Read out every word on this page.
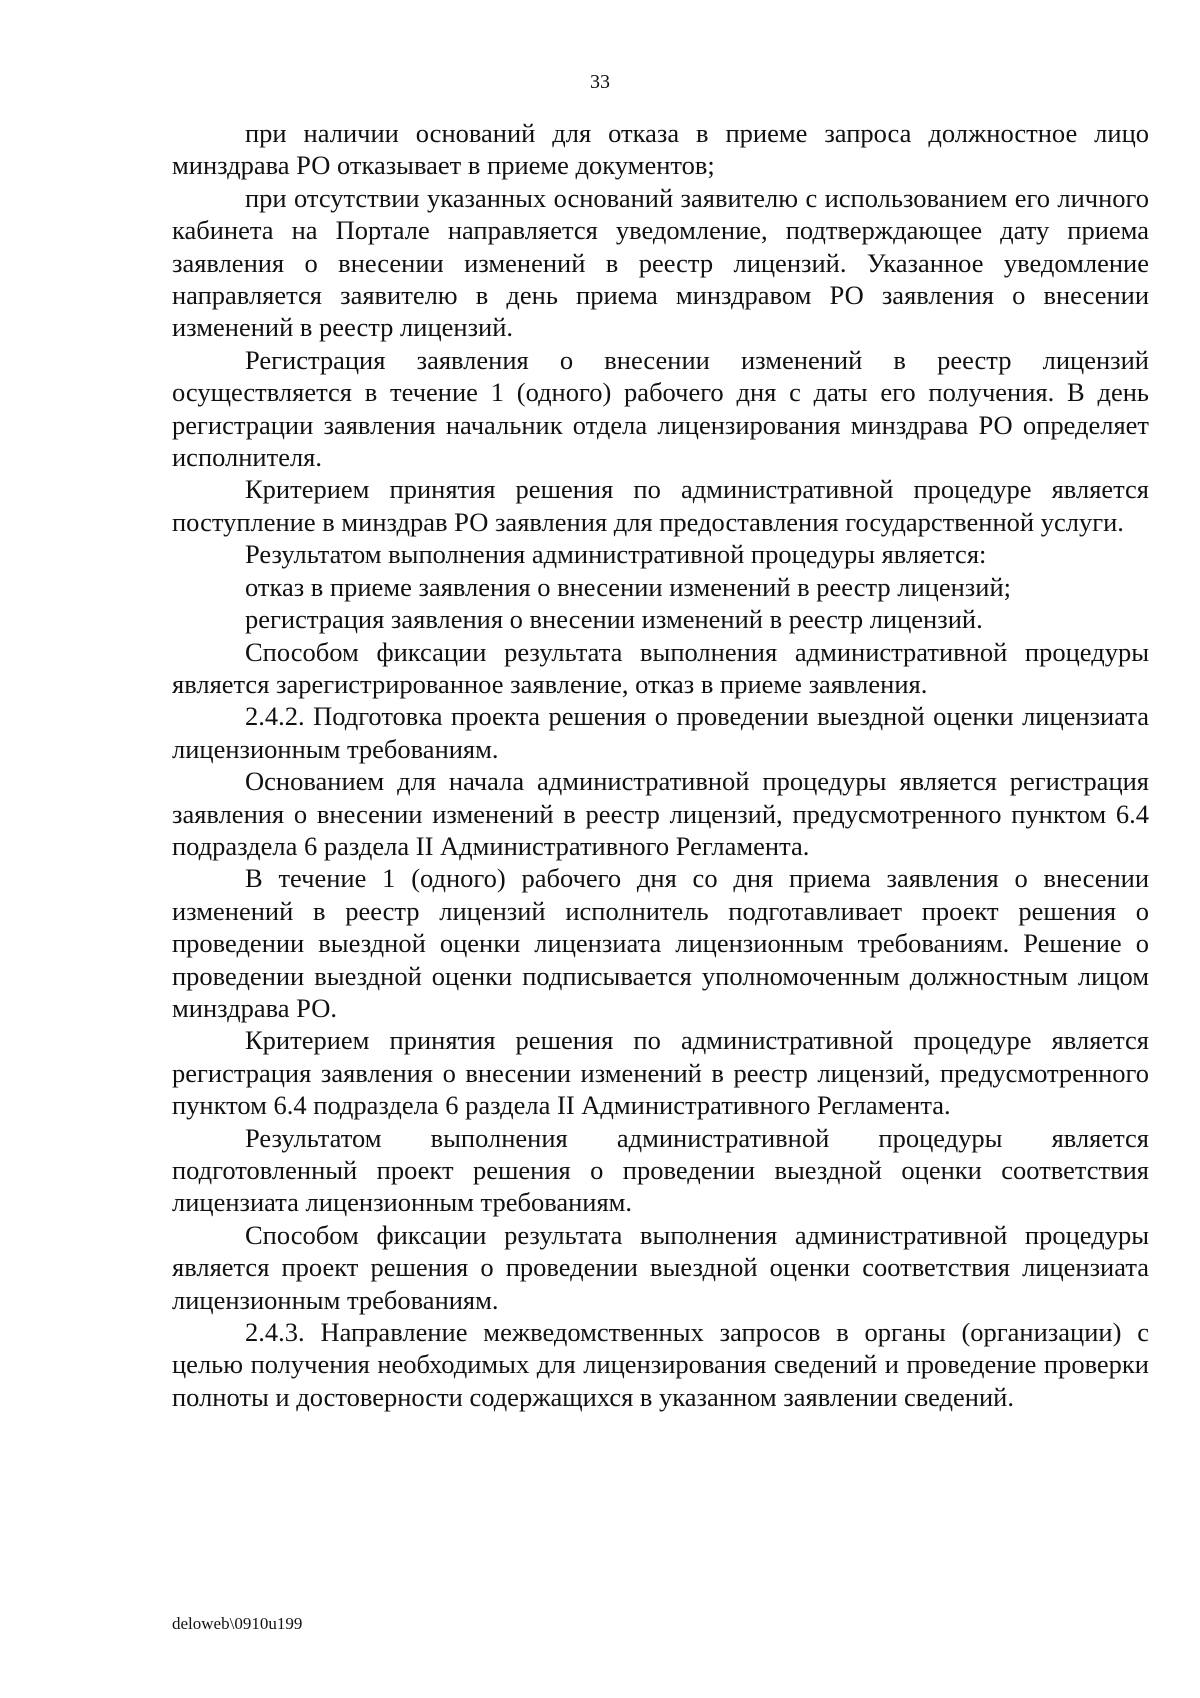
33

при наличии оснований для отказа в приеме запроса должностное лицо минздрава РО отказывает в приеме документов;

при отсутствии указанных оснований заявителю с использованием его личного кабинета на Портале направляется уведомление, подтверждающее дату приема заявления о внесении изменений в реестр лицензий. Указанное уведомление направляется заявителю в день приема минздравом РО заявления о внесении изменений в реестр лицензий.

Регистрация заявления о внесении изменений в реестр лицензий осуществляется в течение 1 (одного) рабочего дня с даты его получения. В день регистрации заявления начальник отдела лицензирования минздрава РО определяет исполнителя.

Критерием принятия решения по административной процедуре является поступление в минздрав РО заявления для предоставления государственной услуги.

Результатом выполнения административной процедуры является:

отказ в приеме заявления о внесении изменений в реестр лицензий;

регистрация заявления о внесении изменений в реестр лицензий.

Способом фиксации результата выполнения административной процедуры является зарегистрированное заявление, отказ в приеме заявления.

2.4.2. Подготовка проекта решения о проведении выездной оценки лицензиата лицензионным требованиям.

Основанием для начала административной процедуры является регистрация заявления о внесении изменений в реестр лицензий, предусмотренного пунктом 6.4 подраздела 6 раздела II Административного Регламента.

В течение 1 (одного) рабочего дня со дня приема заявления о внесении изменений в реестр лицензий исполнитель подготавливает проект решения о проведении выездной оценки лицензиата лицензионным требованиям. Решение о проведении выездной оценки подписывается уполномоченным должностным лицом минздрава РО.

Критерием принятия решения по административной процедуре является регистрация заявления о внесении изменений в реестр лицензий, предусмотренного пунктом 6.4 подраздела 6 раздела II Административного Регламента.

Результатом выполнения административной процедуры является подготовленный проект решения о проведении выездной оценки соответствия лицензиата лицензионным требованиям.

Способом фиксации результата выполнения административной процедуры является проект решения о проведении выездной оценки соответствия лицензиата лицензионным требованиям.

2.4.3. Направление межведомственных запросов в органы (организации) с целью получения необходимых для лицензирования сведений и проведение проверки полноты и достоверности содержащихся в указанном заявлении сведений.

deloweb\0910u199
